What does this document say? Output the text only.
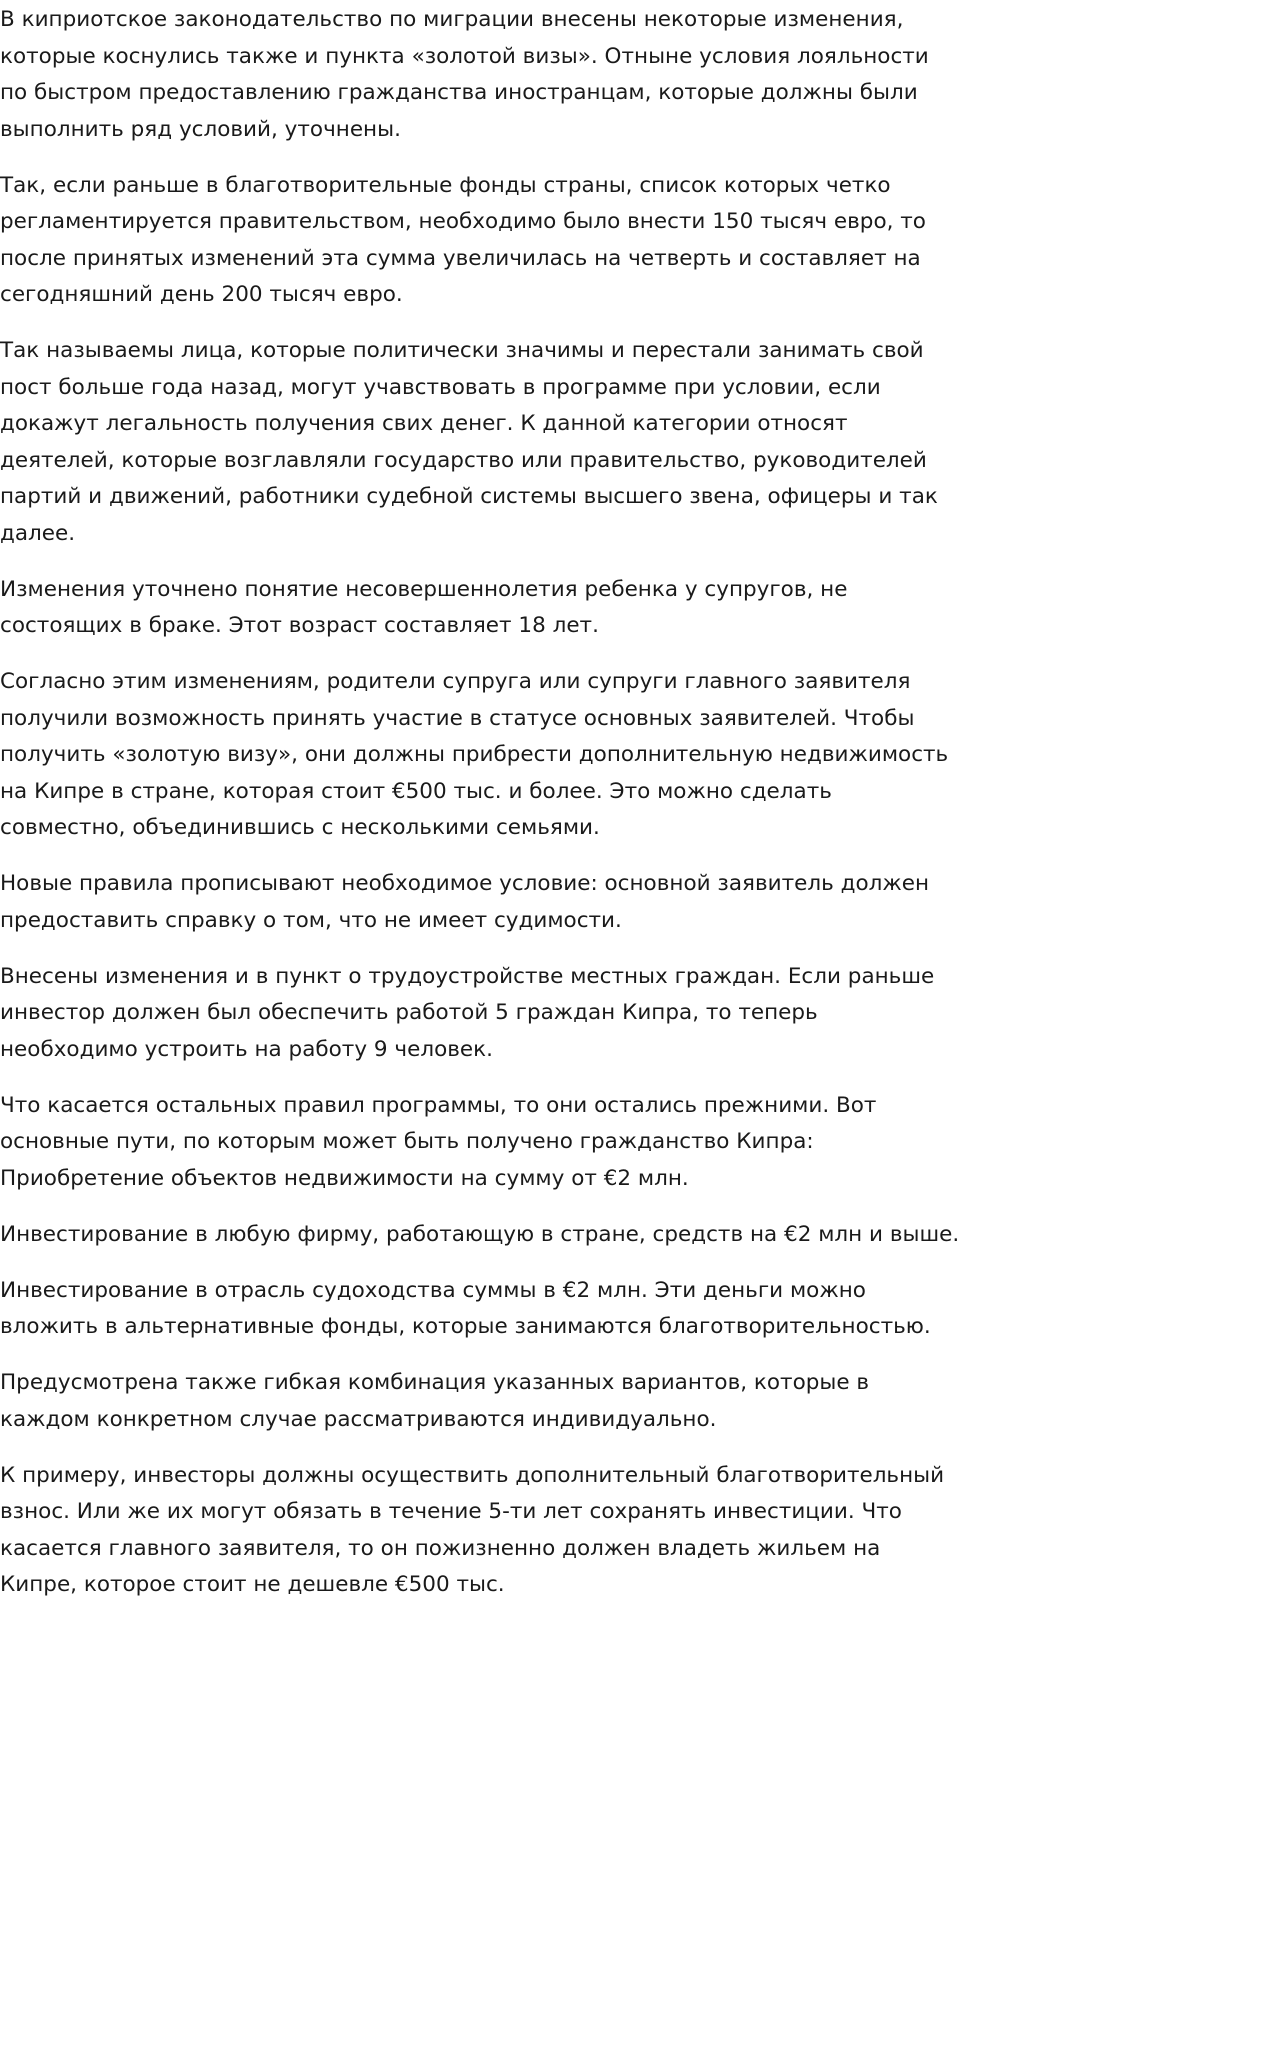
В киприотское законодательство по миграции внесены некоторые изменения, которые коснулись также и пункта «золотой визы». Отныне условия лояльности по быстром предоставлению гражданства иностранцам, которые должны были выполнить ряд условий, уточнены.

Так, если раньше в благотворительные фонды страны, список которых четко регламентируется правительством, необходимо было внести 150 тысяч евро, то после принятых изменений эта сумма увеличилась на четверть и составляет на сегодняшний день 200 тысяч евро.

Так называемы лица, которые политически значимы и перестали занимать свой пост больше года назад, могут учавствовать в программе при условии, если докажут легальность получения свих денег. К данной категории относят деятелей, которые возглавляли государство или правительство, руководителей партий и движений, работники судебной системы высшего звена, офицеры и так далее.

Изменения уточнено понятие несовершеннолетия ребенка у супругов, не состоящих в браке. Этот возраст составляет 18 лет.

Согласно этим изменениям, родители супруга или супруги главного заявителя получили возможность принять участие в статусе основных заявителей. Чтобы получить «золотую визу», они должны прибрести дополнительную недвижимость на Кипре в стране, которая стоит €500 тыс. и более. Это можно сделать совместно, объединившись с несколькими семьями.

Новые правила прописывают необходимое условие: основной заявитель должен предоставить справку о том, что не имеет судимости.

Внесены изменения и в пункт о трудоустройстве местных граждан. Если раньше инвестор должен был обеспечить работой 5 граждан Кипра, то теперь необходимо устроить на работу 9 человек.

Что касается остальных правил программы, то они остались прежними. Вот основные пути, по которым может быть получено гражданство Кипра: Приобретение объектов недвижимости на сумму от €2 млн.

Инвестирование в любую фирму, работающую в стране, средств на €2 млн и выше.

Инвестирование в отрасль судоходства суммы в €2 млн. Эти деньги можно вложить в альтернативные фонды, которые занимаются благотворительностью.

Предусмотрена также гибкая комбинация указанных вариантов, которые в каждом конкретном случае рассматриваются индивидуально.

К примеру, инвесторы должны осуществить дополнительный благотворительный взнос. Или же их могут обязать в течение 5-ти лет сохранять инвестиции. Что касается главного заявителя, то он пожизненно должен владеть жильем на Кипре, которое стоит не дешевле €500 тыс.
